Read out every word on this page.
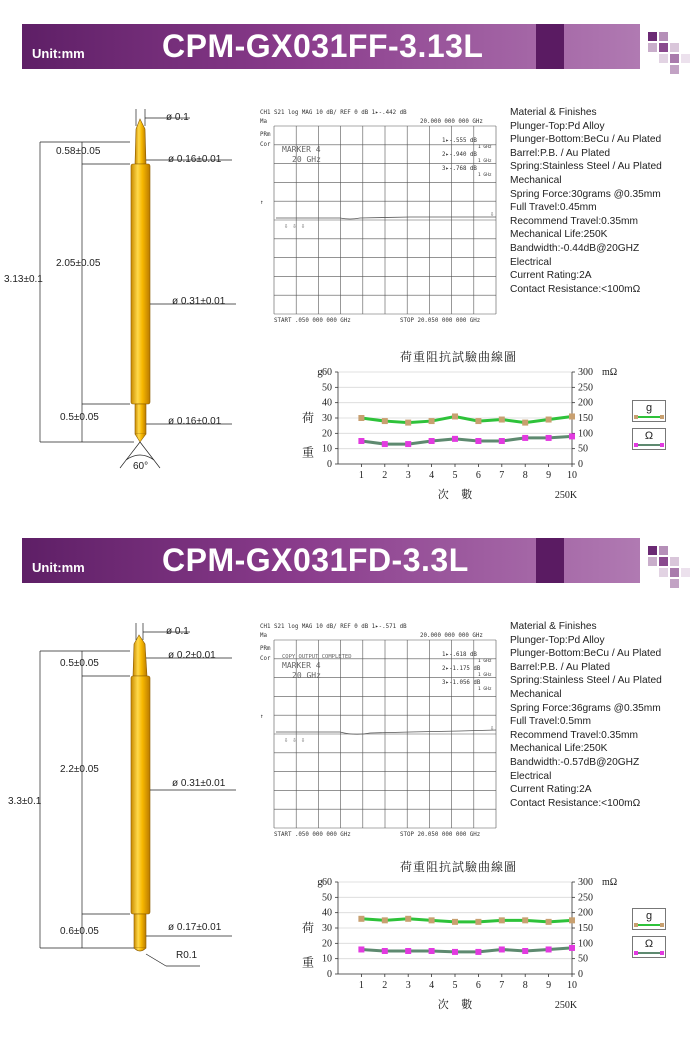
Unit:mm CPM-GX031FF-3.13L
ø 0.1
0.58±0.05
ø 0.16±0.01
2.05±0.05
3.13±0.1
ø 0.31±0.01
0.5±0.05	ø 0.16±0.01
60°
CH1 S21 log MAG 10 dB/ REF 0 dB 1▸-.442 dB
20.000 000 000 GHz
Ma
PRm
Cor MARKER 4
20 GHz
1▸-.555 dB
2▸-.940 dB
3▸-.768 dB
1 GHz
1 GHz
1 GHz
↑
⇩ ⇩ ⇩
⇩
START .050 000 000 GHz	STOP 20.050 000 000 GHz
Material & Finishes
Plunger-Top:Pd Alloy
Plunger-Bottom:BeCu / Au Plated
Barrel:P.B. / Au Plated
Spring:Stainless Steel / Au Plated
Mechanical
Spring Force:30grams @0.35mm
Full Travel:0.45mm
Recommend Travel:0.35mm
Mechanical Life:250K
Bandwidth:-0.44dB@20GHZ
Electrical
Current Rating:2A
Contact Resistance:<100mΩ
荷重阻抗試驗曲線圖
0
10
20
30
40
50
60
0
50
100
150
200
250
300
1 2 3 4 5 6 7 8 9 10
g	mΩ
荷
重
次 數	250K
g
Ω
Unit:mm CPM-GX031FD-3.3L
ø 0.1
0.5±0.05
ø 0.2±0.01
2.2±0.05
3.3±0.1
ø 0.31±0.01
0.6±0.05	ø 0.17±0.01
R0.1
CH1 S21 log MAG 10 dB/ REF 0 dB 1▸-.571 dB
20.000 000 000 GHz
Ma
PRm
Cor
MARKER 4
20 GHz
COPY OUTPUT COMPLETED	1▸-.618 dB
2▸-1.175 dB
3▸-1.056 dB
1 GHz
1 GHz
1 GHz
↑
⇩ ⇩ ⇩
⇩
START .050 000 000 GHz	STOP 20.050 000 000 GHz
Material & Finishes
Plunger-Top:Pd Alloy
Plunger-Bottom:BeCu / Au Plated
Barrel:P.B. / Au Plated
Spring:Stainless Steel / Au Plated
Mechanical
Spring Force:36grams @0.35mm
Full Travel:0.5mm
Recommend Travel:0.35mm
Mechanical Life:250K
Bandwidth:-0.57dB@20GHZ
Electrical
Current Rating:2A
Contact Resistance:<100mΩ
荷重阻抗試驗曲線圖
0
10
20
30
40
50
60
0
50
100
150
200
250
300
1 2 3 4 5 6 7 8 9 10
g	mΩ
荷
重
次 數	250K
g
Ω
